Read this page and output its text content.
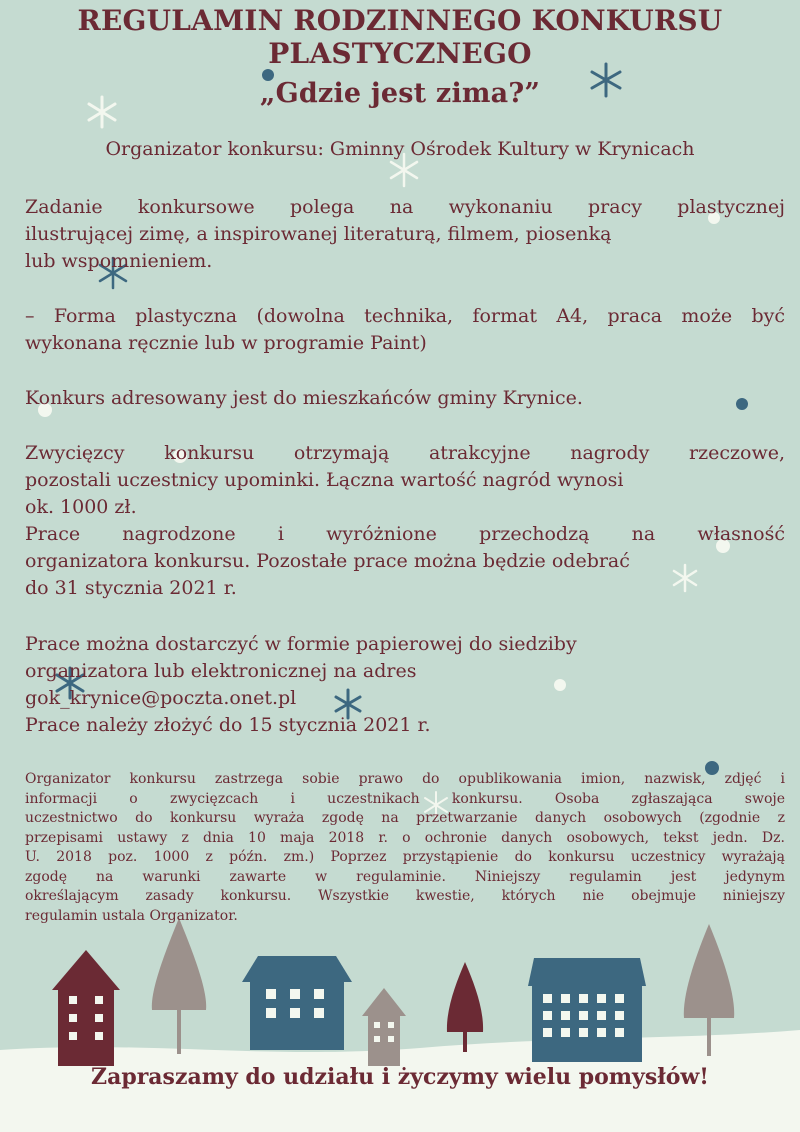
REGULAMIN RODZINNEGO KONKURSU
PLASTYCZNEGO
„Gdzie jest zima?”
Organizator konkursu: Gminny Ośrodek Kultury w Krynicach
Zadanie konkursowe polega na wykonaniu pracy plastycznej
ilustrującej zimę, a inspirowanej literaturą, filmem, piosenką
lub wspomnieniem.
– Forma plastyczna (dowolna technika, format A4, praca może być
wykonana ręcznie lub w programie Paint)
Konkurs adresowany jest do mieszkańców gminy Krynice.
Zwycięzcy konkursu otrzymają atrakcyjne nagrody rzeczowe,
pozostali uczestnicy upominki. Łączna wartość nagród wynosi
ok. 1000 zł.
Prace nagrodzone i wyróżnione przechodzą na własność
organizatora konkursu. Pozostałe prace można będzie odebrać
do 31 stycznia 2021 r.
Prace można dostarczyć w formie papierowej do siedziby
organizatora lub elektronicznej na adres
gok_krynice@poczta.onet.pl
Prace należy złożyć do 15 stycznia 2021 r.
Organizator konkursu zastrzega sobie prawo do opublikowania imion, nazwisk, zdjęć i
informacji o zwycięzcach i uczestnikach konkursu. Osoba zgłaszająca swoje
uczestnictwo do konkursu wyraża zgodę na przetwarzanie danych osobowych (zgodnie z
przepisami ustawy z dnia 10 maja 2018 r. o ochronie danych osobowych, tekst jedn. Dz.
U. 2018 poz. 1000 z późn. zm.) Poprzez przystąpienie do konkursu uczestnicy wyrażają
zgodę na warunki zawarte w regulaminie. Niniejszy regulamin jest jedynym
określającym zasady konkursu. Wszystkie kwestie, których nie obejmuje niniejszy
regulamin ustala Organizator.
Zapraszamy do udziału i życzymy wielu pomysłów!
